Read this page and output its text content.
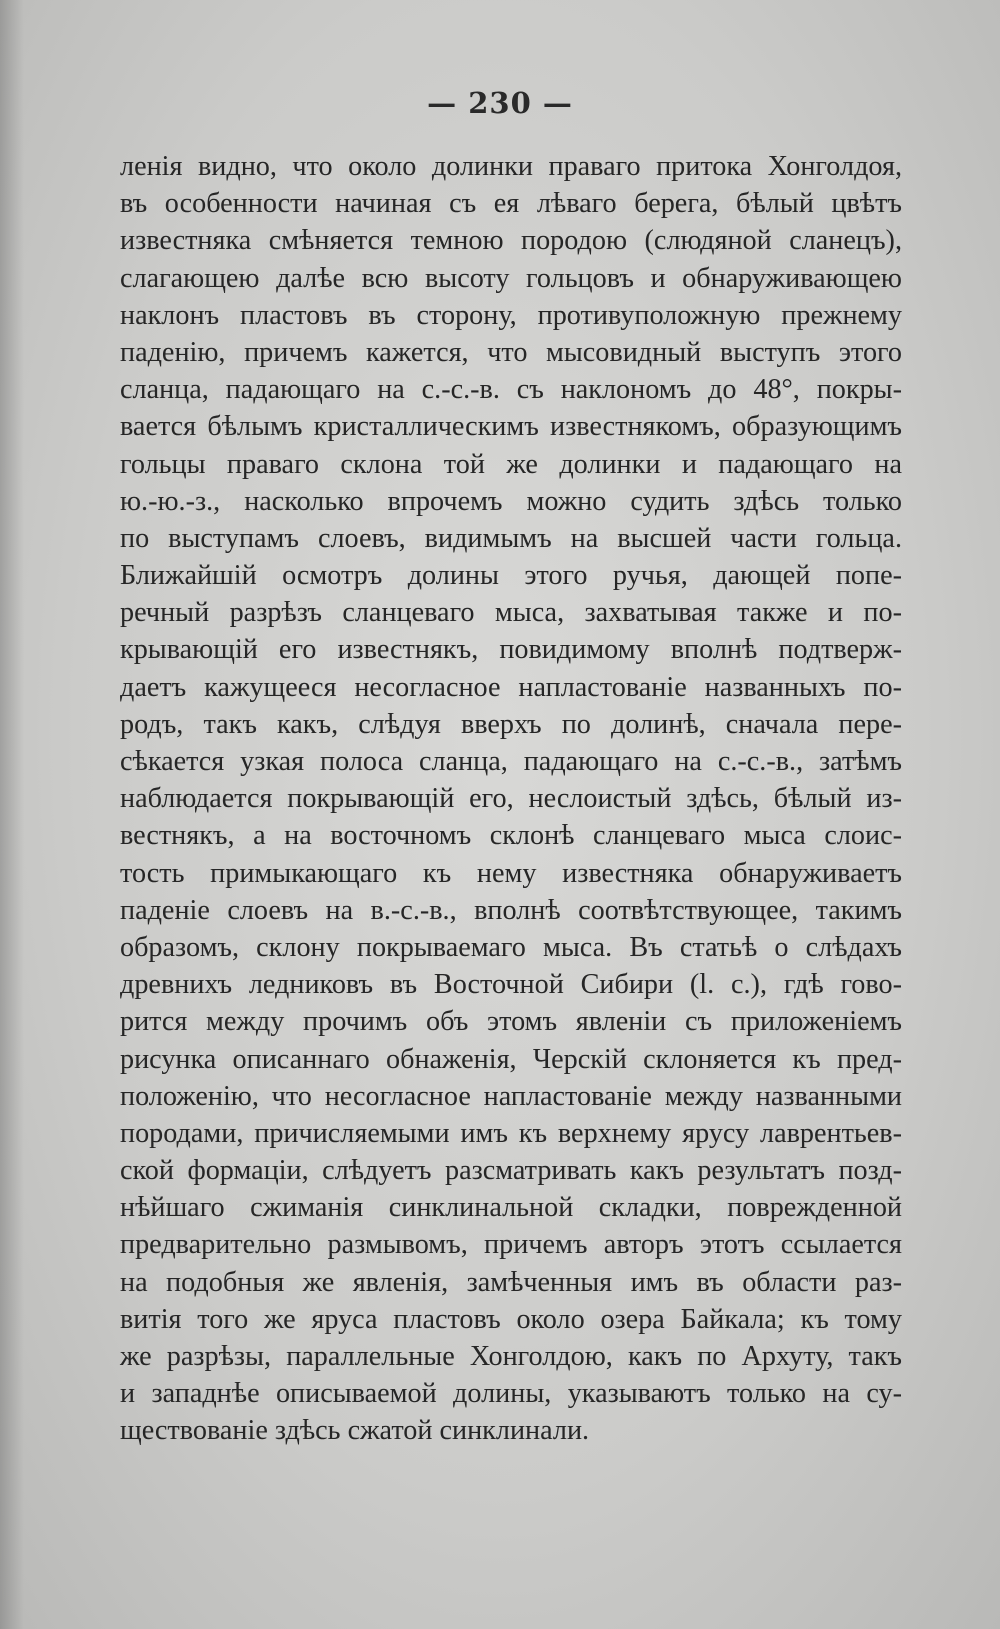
— 230 —
ленія видно, что около долинки праваго притока Хонголдоя,
въ особенности начиная съ ея лѣваго берега, бѣлый цвѣтъ
известняка смѣняется темною породою (слюдяной сланецъ),
слагающею далѣе всю высоту гольцовъ и обнаруживающею
наклонъ пластовъ въ сторону, противуположную прежнему
паденію, причемъ кажется, что мысовидный выступъ этого
сланца, падающаго на с.-с.-в. съ наклономъ до 48°, покры-
вается бѣлымъ кристаллическимъ известнякомъ, образующимъ
гольцы праваго склона той же долинки и падающаго на
ю.-ю.-з., насколько впрочемъ можно судить здѣсь только
по выступамъ слоевъ, видимымъ на высшей части гольца.
Ближайшій осмотръ долины этого ручья, дающей попе-
речный разрѣзъ сланцеваго мыса, захватывая также и по-
крывающій его известнякъ, повидимому вполнѣ подтверж-
даетъ кажущееся несогласное напластованіе названныхъ по-
родъ, такъ какъ, слѣдуя вверхъ по долинѣ, сначала пере-
сѣкается узкая полоса сланца, падающаго на с.-с.-в., затѣмъ
наблюдается покрывающій его, неслоистый здѣсь, бѣлый из-
вестнякъ, а на восточномъ склонѣ сланцеваго мыса слоис-
тость примыкающаго къ нему известняка обнаруживаетъ
паденіе слоевъ на в.-с.-в., вполнѣ соотвѣтствующее, такимъ
образомъ, склону покрываемаго мыса. Въ статьѣ о слѣдахъ
древнихъ ледниковъ въ Восточной Сибири (l. c.), гдѣ гово-
рится между прочимъ объ этомъ явленіи съ приложеніемъ
рисунка описаннаго обнаженія, Черскій склоняется къ пред-
положенію, что несогласное напластованіе между названными
породами, причисляемыми имъ къ верхнему ярусу лаврентьев-
ской формаціи, слѣдуетъ разсматривать какъ результатъ позд-
нѣйшаго сжиманія синклинальной складки, поврежденной
предварительно размывомъ, причемъ авторъ этотъ ссылается
на подобныя же явленія, замѣченныя имъ въ области раз-
витія того же яруса пластовъ около озера Байкала; къ тому
же разрѣзы, параллельные Хонголдою, какъ по Архуту, такъ
и западнѣе описываемой долины, указываютъ только на су-
ществованіе здѣсь сжатой синклинали.
